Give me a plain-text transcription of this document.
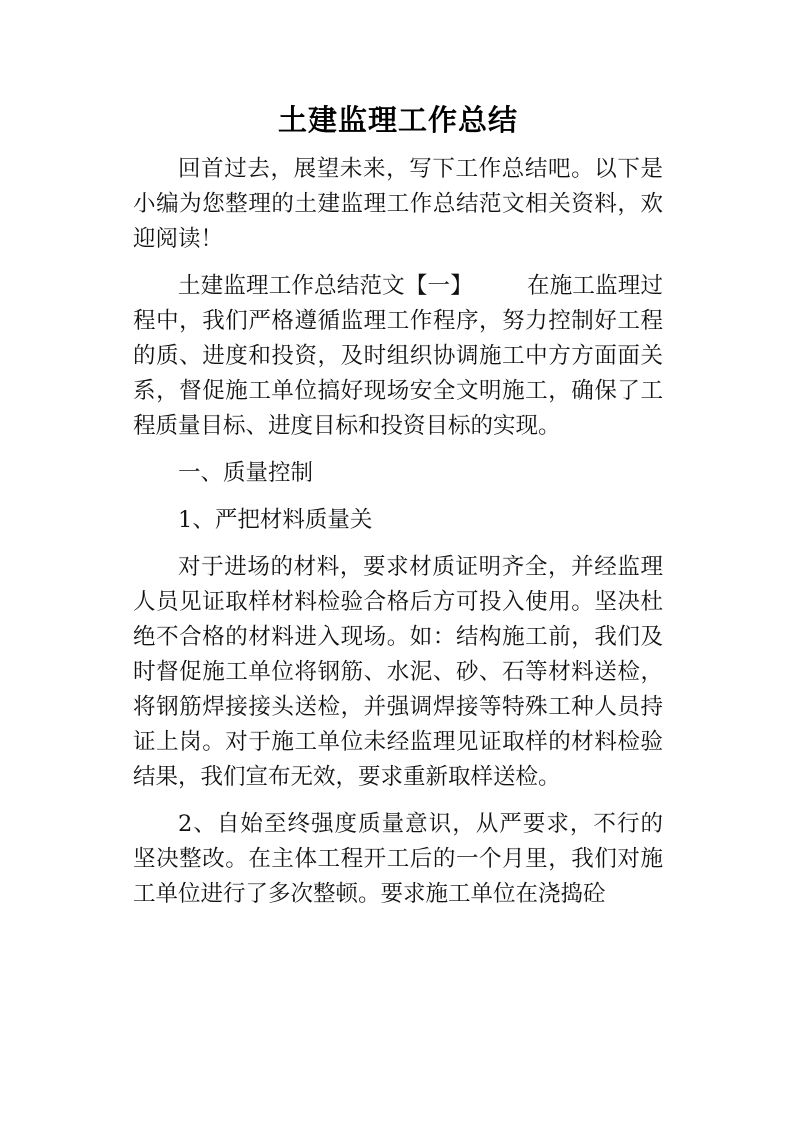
土建监理工作总结

回首过去，展望未来，写下工作总结吧。以下是小编为您整理的土建监理工作总结范文相关资料，欢迎阅读！

土建监理工作总结范文【一】 在施工监理过程中，我们严格遵循监理工作程序，努力控制好工程的质、进度和投资，及时组织协调施工中方方面面关系，督促施工单位搞好现场安全文明施工，确保了工程质量目标、进度目标和投资目标的实现。

一、质量控制

1、严把材料质量关

对于进场的材料，要求材质证明齐全，并经监理人员见证取样材料检验合格后方可投入使用。坚决杜绝不合格的材料进入现场。如：结构施工前，我们及时督促施工单位将钢筋、水泥、砂、石等材料送检，将钢筋焊接接头送检，并强调焊接等特殊工种人员持证上岗。对于施工单位未经监理见证取样的材料检验结果，我们宣布无效，要求重新取样送检。

2、自始至终强度质量意识，从严要求，不行的坚决整改。在主体工程开工后的一个月里，我们对施工单位进行了多次整顿。要求施工单位在浇捣砼
